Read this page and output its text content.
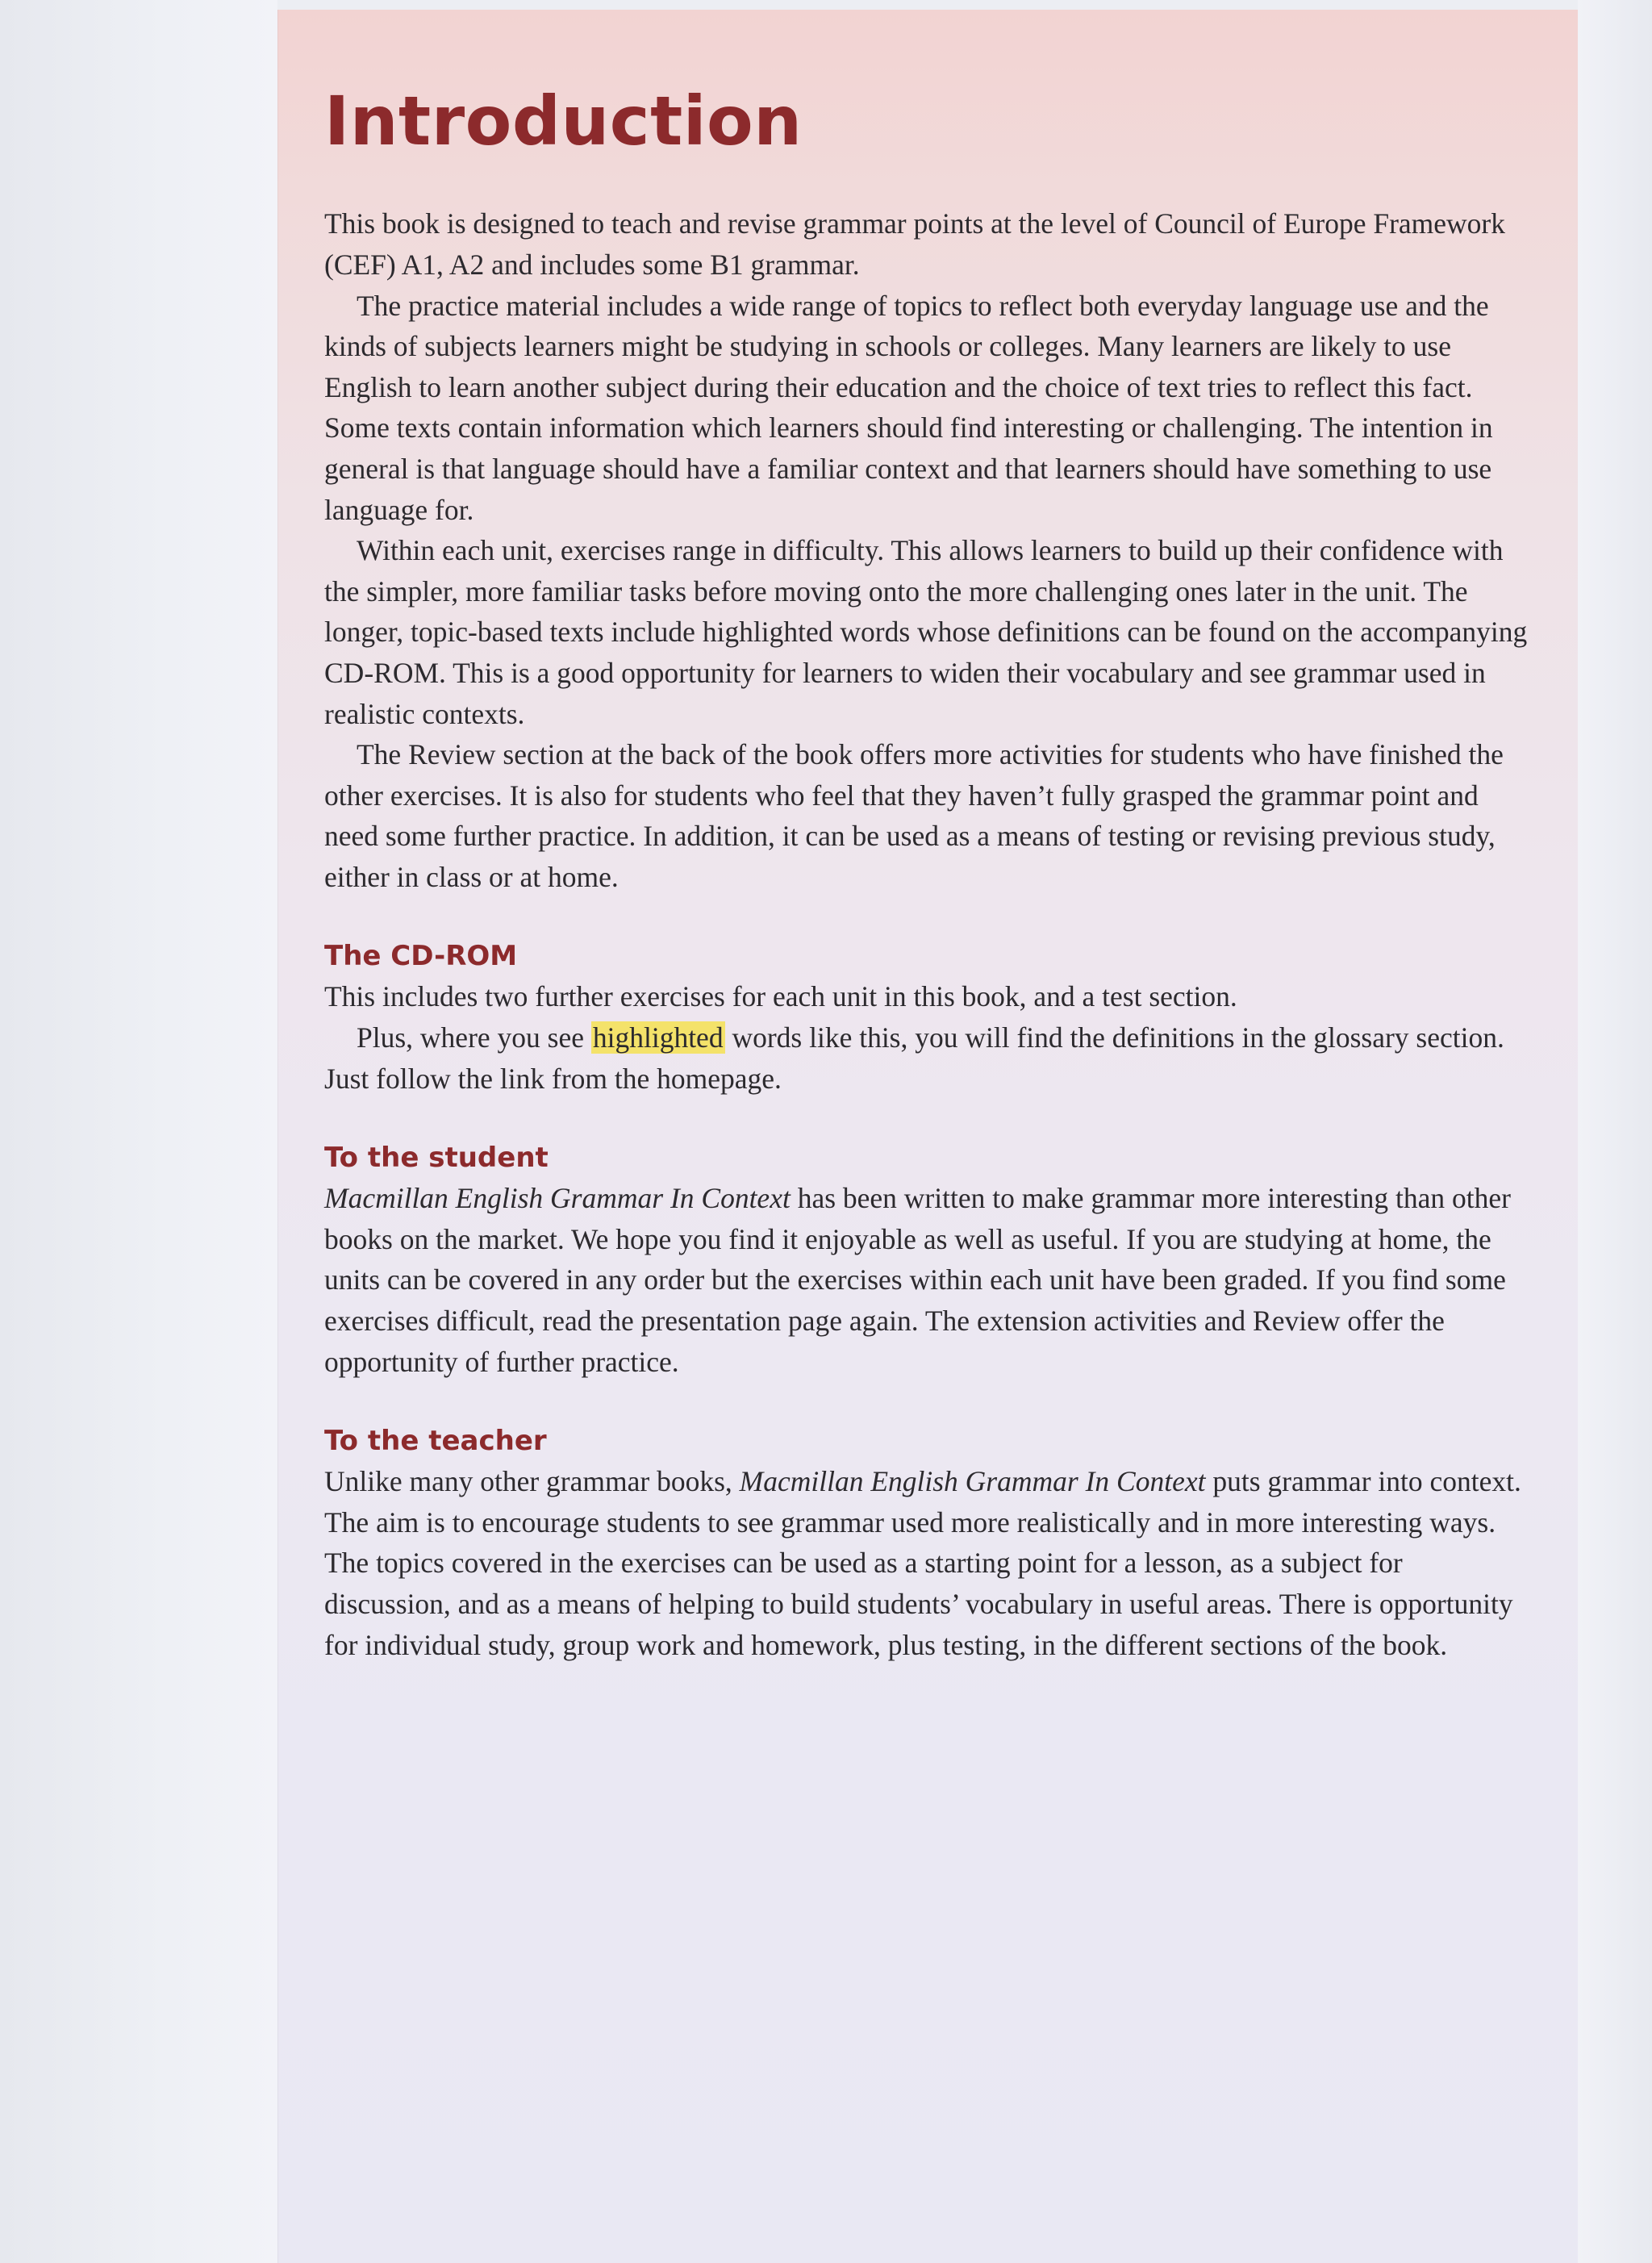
Introduction

This book is designed to teach and revise grammar points at the level of Council of Europe Framework (CEF) A1, A2 and includes some B1 grammar.

The practice material includes a wide range of topics to reflect both everyday language use and the kinds of subjects learners might be studying in schools or colleges. Many learners are likely to use English to learn another subject during their education and the choice of text tries to reflect this fact. Some texts contain information which learners should find interesting or challenging. The intention in general is that language should have a familiar context and that learners should have something to use language for.

Within each unit, exercises range in difficulty. This allows learners to build up their confidence with the simpler, more familiar tasks before moving onto the more challenging ones later in the unit. The longer, topic-based texts include highlighted words whose definitions can be found on the accompanying CD-ROM. This is a good opportunity for learners to widen their vocabulary and see grammar used in realistic contexts.

The Review section at the back of the book offers more activities for students who have finished the other exercises. It is also for students who feel that they haven’t fully grasped the grammar point and need some further practice. In addition, it can be used as a means of testing or revising previous study, either in class or at home.

The CD-ROM

This includes two further exercises for each unit in this book, and a test section.

Plus, where you see highlighted words like this, you will find the definitions in the glossary section. Just follow the link from the homepage.

To the student

Macmillan English Grammar In Context has been written to make grammar more interesting than other books on the market. We hope you find it enjoyable as well as useful. If you are studying at home, the units can be covered in any order but the exercises within each unit have been graded. If you find some exercises difficult, read the presentation page again. The extension activities and Review offer the opportunity of further practice.

To the teacher

Unlike many other grammar books, Macmillan English Grammar In Context puts grammar into context. The aim is to encourage students to see grammar used more realistically and in more interesting ways. The topics covered in the exercises can be used as a starting point for a lesson, as a subject for discussion, and as a means of helping to build students’ vocabulary in useful areas. There is opportunity for individual study, group work and homework, plus testing, in the different sections of the book.
